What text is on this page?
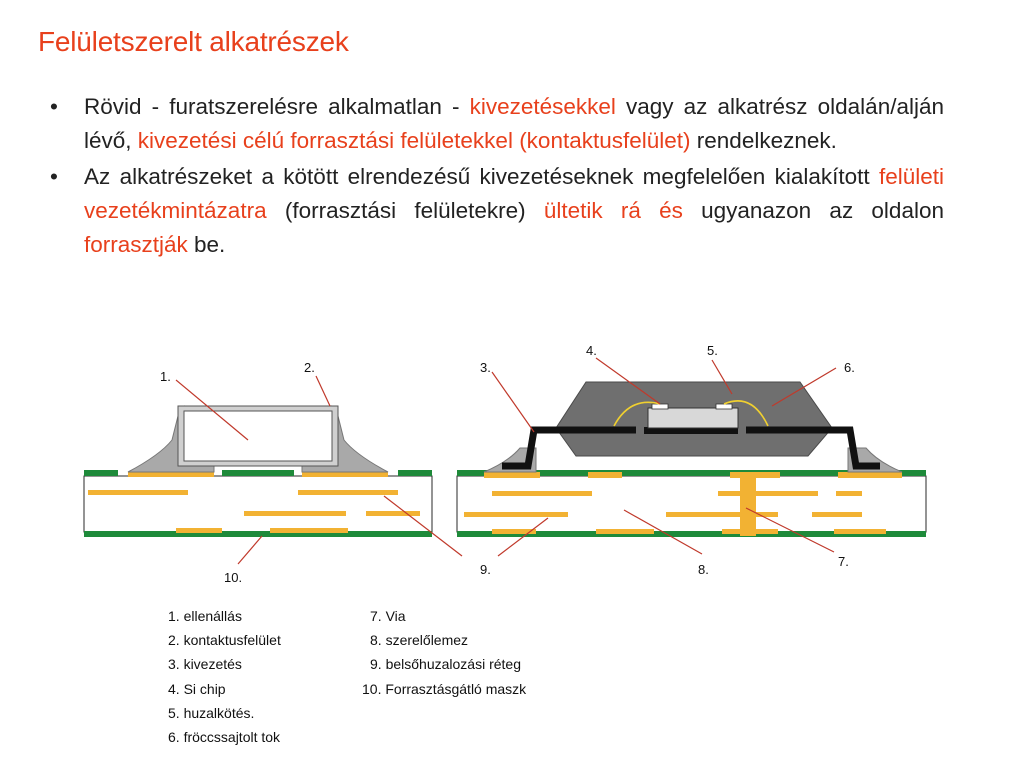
Felületszerelt alkatrészek
• Rövid - furatszerelésre alkalmatlan - kivezetésekkel vagy az alkatrész oldalán/alján lévő, kivezetési célú forrasztási felületekkel (kontaktusfelület) rendelkeznek.
• Az alkatrészeket a kötött elrendezésű kivezetéseknek megfelelően kialakított felületi vezetékmintázatra (forrasztási felületekre) ültetik rá és ugyanazon az oldalon forrasztják be.
1.
2.
10.
4.	5.
3.	6.
7.
8.
9.
1. ellenállás
2. kontaktusfelület
3. kivezetés
4. Si chip
5. huzalkötés.
6. fröccssajtolt tok
7. Via
8. szerelőlemez
9. belsőhuzalozási réteg
10. Forrasztásgátló maszk
